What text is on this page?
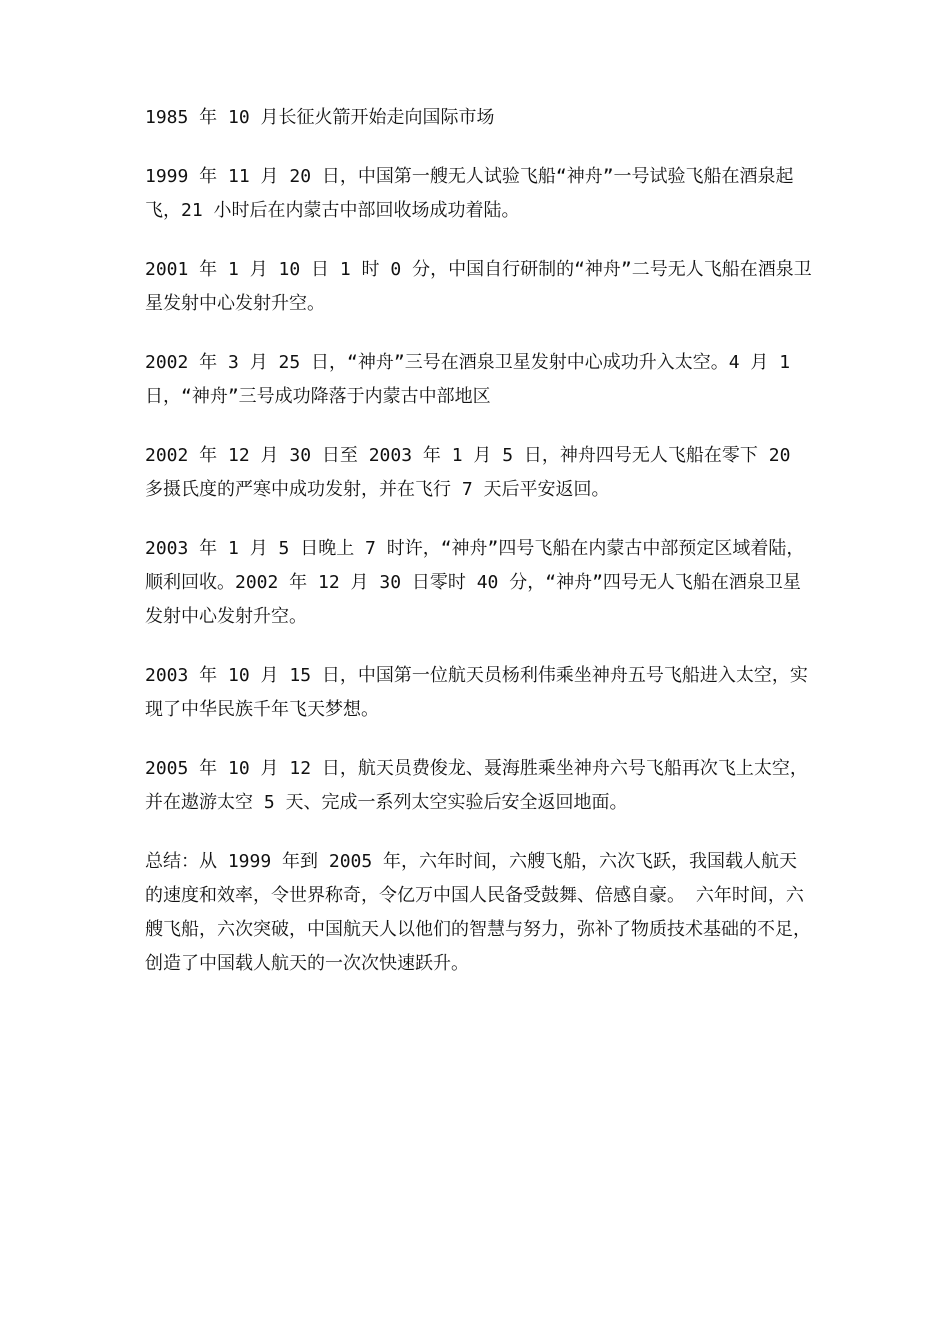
1985 年 10 月长征火箭开始走向国际市场

1999 年 11 月 20 日，中国第一艘无人试验飞船“神舟”一号试验飞船在酒泉起飞，21 小时后在内蒙古中部回收场成功着陆。

2001 年 1 月 10 日 1 时 0 分，中国自行研制的“神舟”二号无人飞船在酒泉卫星发射中心发射升空。

2002 年 3 月 25 日，“神舟”三号在酒泉卫星发射中心成功升入太空。4 月 1 日，“神舟”三号成功降落于内蒙古中部地区

2002 年 12 月 30 日至 2003 年 1 月 5 日，神舟四号无人飞船在零下 20 多摄氏度的严寒中成功发射，并在飞行 7 天后平安返回。

2003 年 1 月 5 日晚上 7 时许，“神舟”四号飞船在内蒙古中部预定区域着陆，顺利回收。2002 年 12 月 30 日零时 40 分，“神舟”四号无人飞船在酒泉卫星发射中心发射升空。

2003 年 10 月 15 日，中国第一位航天员杨利伟乘坐神舟五号飞船进入太空，实现了中华民族千年飞天梦想。

2005 年 10 月 12 日，航天员费俊龙、聂海胜乘坐神舟六号飞船再次飞上太空，并在遨游太空 5 天、完成一系列太空实验后安全返回地面。

总结：从 1999 年到 2005 年，六年时间，六艘飞船，六次飞跃，我国载人航天的速度和效率，令世界称奇，令亿万中国人民备受鼓舞、倍感自豪。 六年时间，六艘飞船，六次突破，中国航天人以他们的智慧与努力，弥补了物质技术基础的不足，创造了中国载人航天的一次次快速跃升。
